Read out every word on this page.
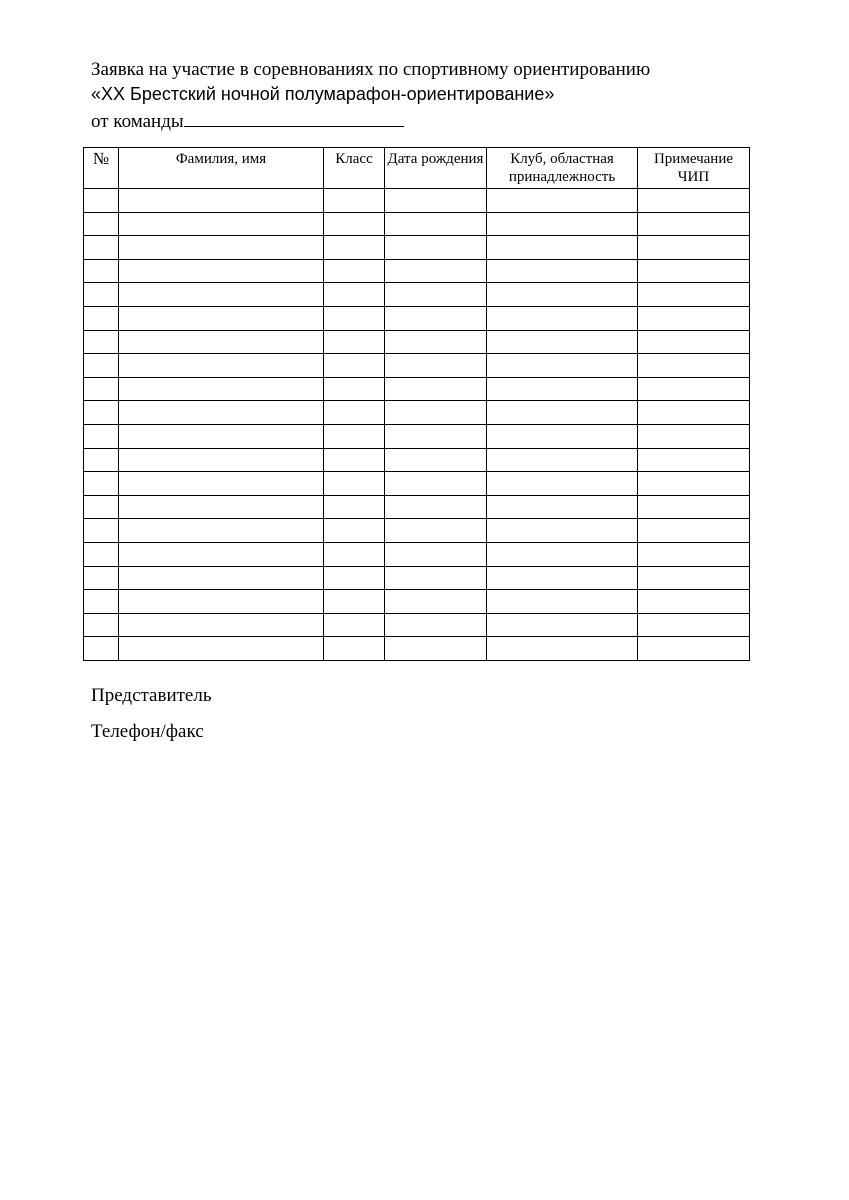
Заявка на участие в соревнованиях по спортивному ориентированию
«XX Брестский ночной полумарафон-ориентирование»
от команды
№	Фамилия, имя	Класс	Дата рождения	Клуб, областная принадлежность	Примечание ЧИП

Представитель
Телефон/факс
